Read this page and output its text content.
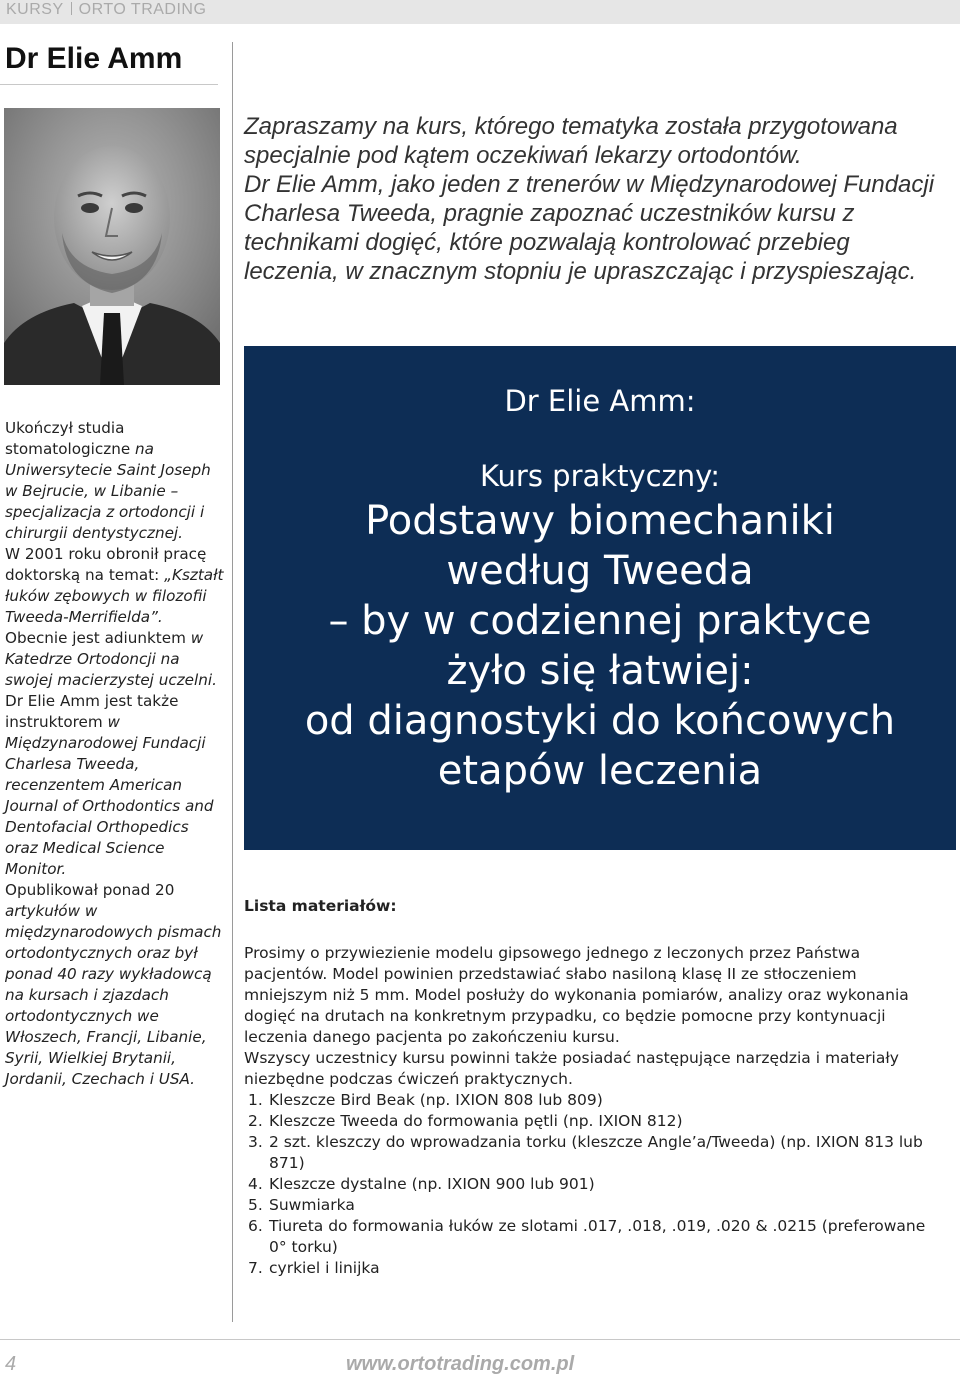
KURSY ORTO TRADING
Dr Elie Amm

Zapraszamy na kurs, którego tematyka została przygotowana specjalnie pod kątem oczekiwań lekarzy ortodontów.

Dr Elie Amm, jako jeden z trenerów w Międzynarodowej Fundacji Charlesa Tweeda, pragnie zapoznać uczestników kursu z technikami dogięć, które pozwalają kontrolować przebieg leczenia, w znacznym stopniu je upraszczając i przyspieszając.

Ukończył studia stomatologiczne na Uniwersytecie Saint Joseph w Bejrucie, w Libanie – specjalizacja z ortodoncji i chirurgii dentystycznej.

W 2001 roku obronił pracę doktorską na temat: „Kształt łuków zębowych w filozofii Tweeda-Merrifielda”.

Obecnie jest adiunktem w Katedrze Ortodoncji na swojej macierzystej uczelni.

Dr Elie Amm jest także instruktorem w Międzynarodowej Fundacji Charlesa Tweeda, recenzentem American Journal of Orthodontics and Dentofacial Orthopedics oraz Medical Science Monitor.

Opublikował ponad 20 artykułów w międzynarodowych pismach ortodontycznych oraz był ponad 40 razy wykładowcą na kursach i zjazdach ortodontycznych we Włoszech, Francji, Libanie, Syrii, Wielkiej Brytanii, Jordanii, Czechach i USA.

Dr Elie Amm:
Kurs praktyczny:
Podstawy biomechaniki
według Tweeda
– by w codziennej praktyce
żyło się łatwiej:
od diagnostyki do końcowych
etapów leczenia
Lista materiałów:

Prosimy o przywiezienie modelu gipsowego jednego z leczonych przez Państwa pacjentów. Model powinien przedstawiać słabo nasiloną klasę II ze stłoczeniem mniejszym niż 5 mm. Model posłuży do wykonania pomiarów, analizy oraz wykonania dogięć na drutach na konkretnym przypadku, co będzie pomocne przy kontynuacji leczenia danego pacjenta po zakończeniu kursu.

Wszyscy uczestnicy kursu powinni także posiadać następujące narzędzia i materiały niezbędne podczas ćwiczeń praktycznych.

1. Kleszcze Bird Beak (np. IXION 808 lub 809)
2. Kleszcze Tweeda do formowania pętli (np. IXION 812)
3. 2 szt. kleszczy do wprowadzania torku (kleszcze Angle’a/Tweeda) (np. IXION 813 lub 871)
4. Kleszcze dystalne (np. IXION 900 lub 901)
5. Suwmiarka
6. Tiureta do formowania łuków ze slotami .017, .018, .019, .020 & .0215 (preferowane 0° torku)
7. cyrkiel i linijka
4	www.ortotrading.com.pl
